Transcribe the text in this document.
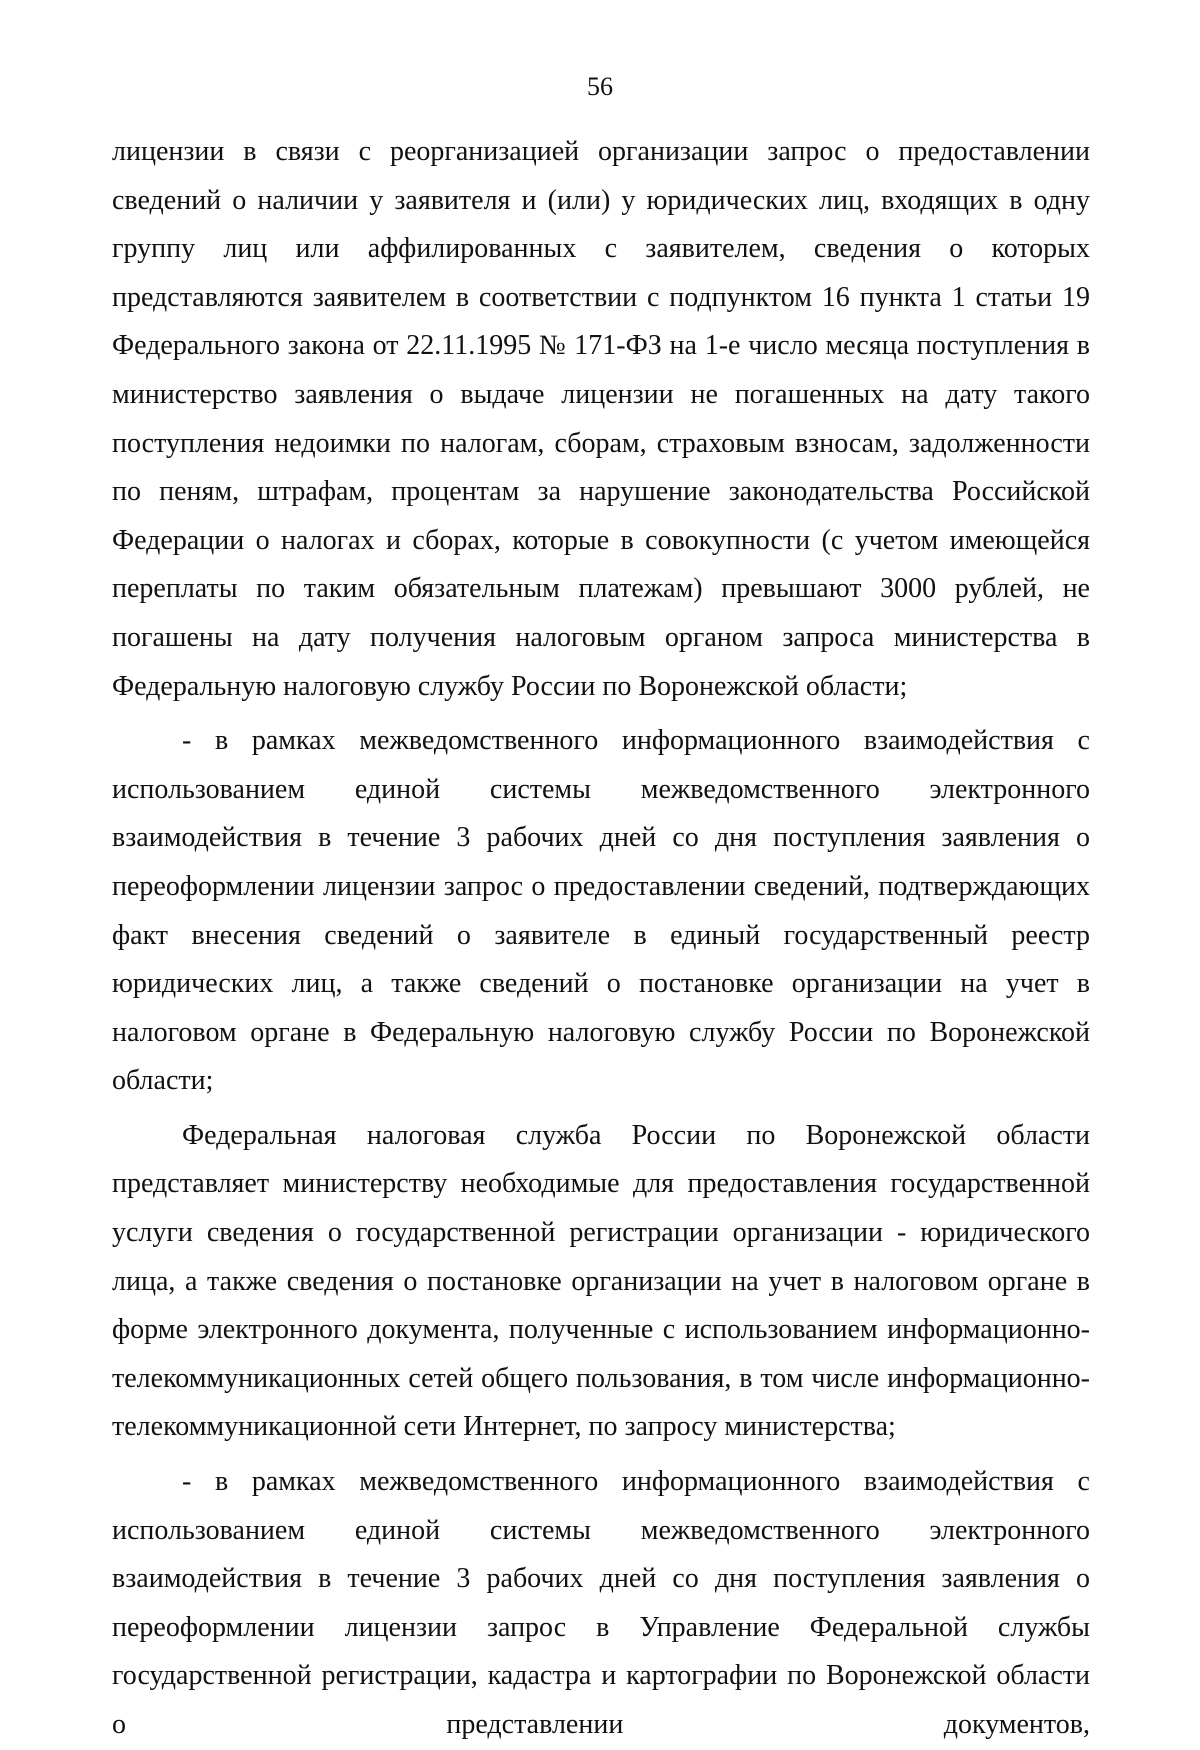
56

лицензии в связи с реорганизацией организации запрос о предоставлении сведений о наличии у заявителя и (или) у юридических лиц, входящих в одну группу лиц или аффилированных с заявителем, сведения о которых представляются заявителем в соответствии с подпунктом 16 пункта 1 статьи 19 Федерального закона от 22.11.1995 № 171-ФЗ на 1-е число месяца поступления в министерство заявления о выдаче лицензии не погашенных на дату такого поступления недоимки по налогам, сборам, страховым взносам, задолженности по пеням, штрафам, процентам за нарушение законодательства Российской Федерации о налогах и сборах, которые в совокупности (с учетом имеющейся переплаты по таким обязательным платежам) превышают 3000 рублей, не погашены на дату получения налоговым органом запроса министерства в Федеральную налоговую службу России по Воронежской области;

- в рамках межведомственного информационного взаимодействия с использованием единой системы межведомственного электронного взаимодействия в течение 3 рабочих дней со дня поступления заявления о переоформлении лицензии запрос о предоставлении сведений, подтверждающих факт внесения сведений о заявителе в единый государственный реестр юридических лиц, а также сведений о постановке организации на учет в налоговом органе в Федеральную налоговую службу России по Воронежской области;

Федеральная налоговая служба России по Воронежской области представляет министерству необходимые для предоставления государственной услуги сведения о государственной регистрации организации - юридического лица, а также сведения о постановке организации на учет в налоговом органе в форме электронного документа, полученные с использованием информационно-телекоммуникационных сетей общего пользования, в том числе информационно-телекоммуникационной сети Интернет, по запросу министерства;

- в рамках межведомственного информационного взаимодействия с использованием единой системы межведомственного электронного взаимодействия в течение 3 рабочих дней со дня поступления заявления о переоформлении лицензии запрос в Управление Федеральной службы государственной регистрации, кадастра и картографии по Воронежской области о представлении документов,
